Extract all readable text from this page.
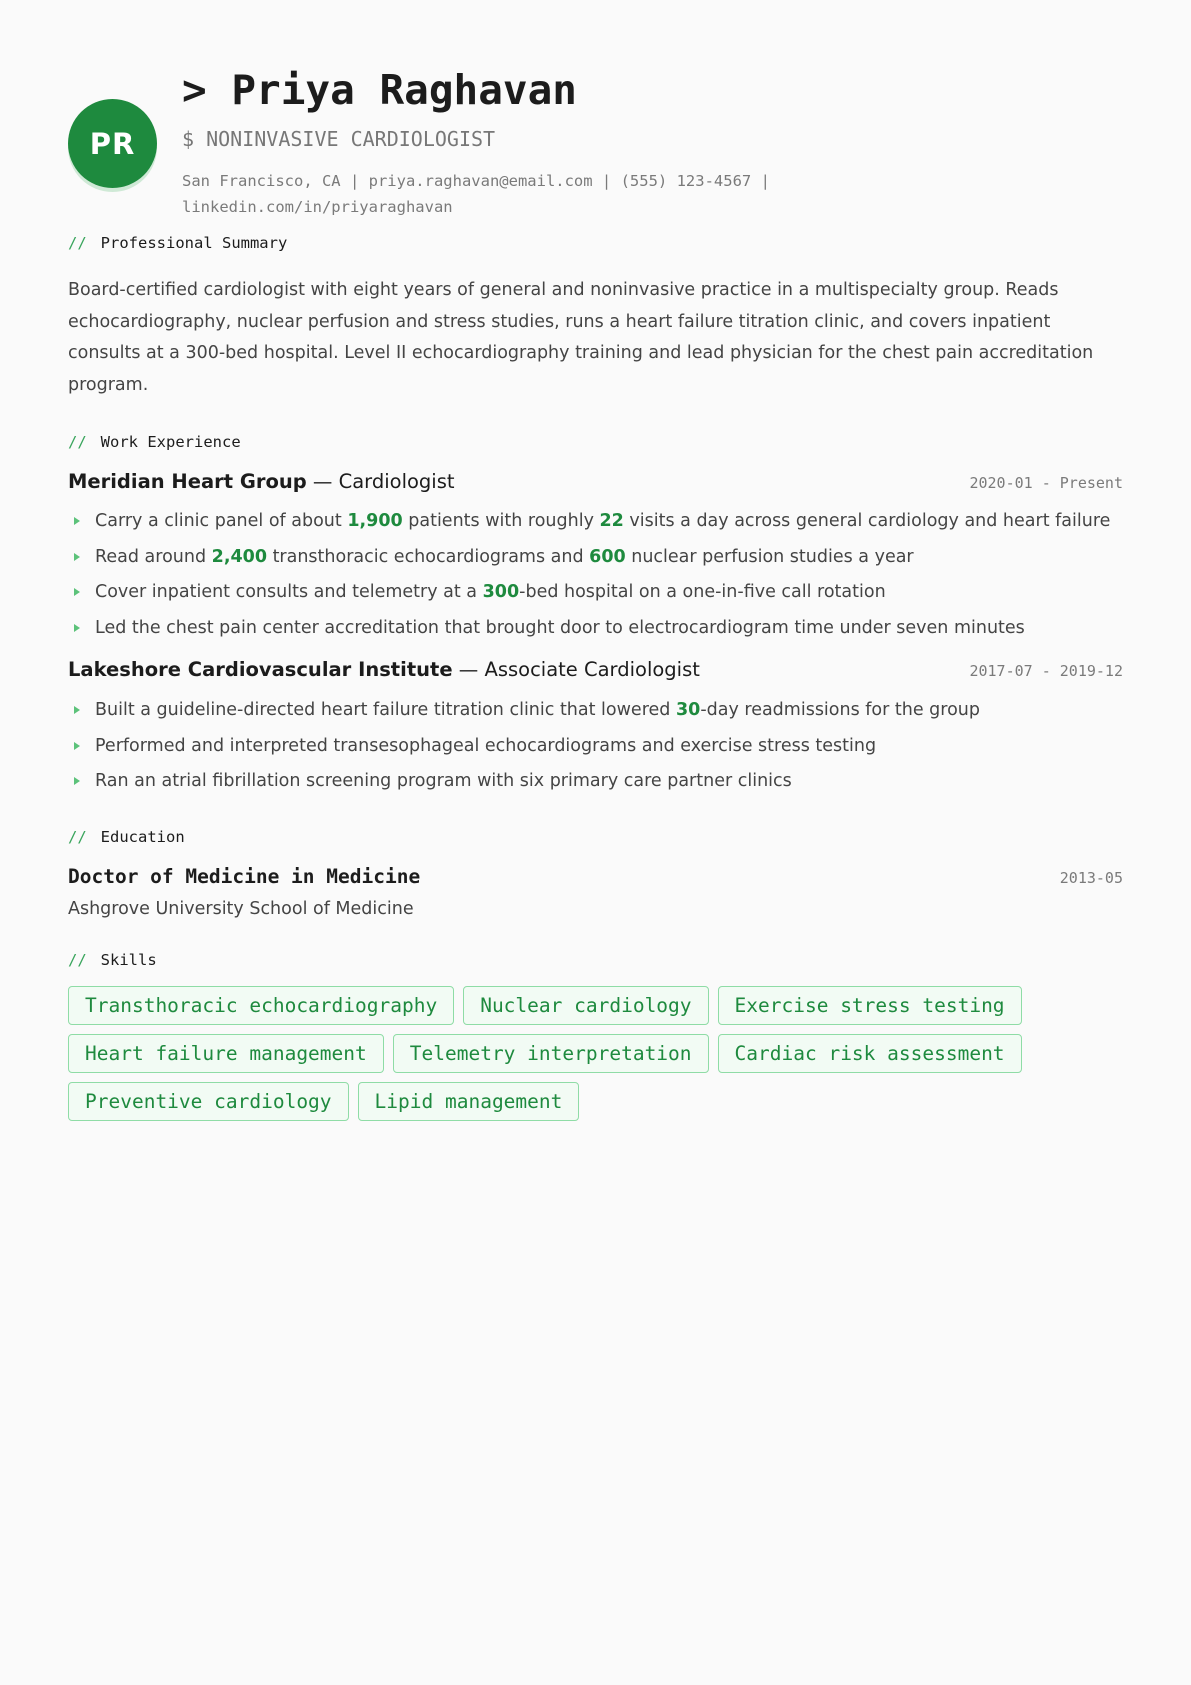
PR
> Priya Raghavan
$ NONINVASIVE CARDIOLOGIST
San Francisco, CA | priya.raghavan@email.com | (555) 123-4567 | linkedin.com/in/priyaraghavan
// Professional Summary

Board-certified cardiologist with eight years of general and noninvasive practice in a multispecialty group. Reads echocardiography, nuclear perfusion and stress studies, runs a heart failure titration clinic, and covers inpatient consults at a 300-bed hospital. Level II echocardiography training and lead physician for the chest pain accreditation program.

// Work Experience
Meridian Heart Group — Cardiologist	2020-01 - Present
Carry a clinic panel of about 1,900 patients with roughly 22 visits a day across general cardiology and heart failure
Read around 2,400 transthoracic echocardiograms and 600 nuclear perfusion studies a year
Cover inpatient consults and telemetry at a 300-bed hospital on a one-in-five call rotation
Led the chest pain center accreditation that brought door to electrocardiogram time under seven minutes
Lakeshore Cardiovascular Institute — Associate Cardiologist	2017-07 - 2019-12
Built a guideline-directed heart failure titration clinic that lowered 30-day readmissions for the group
Performed and interpreted transesophageal echocardiograms and exercise stress testing
Ran an atrial fibrillation screening program with six primary care partner clinics
// Education
Doctor of Medicine in Medicine	2013-05
Ashgrove University School of Medicine
// Skills
Transthoracic echocardiography	Nuclear cardiology	Exercise stress testing
Heart failure management	Telemetry interpretation	Cardiac risk assessment
Preventive cardiology	Lipid management
